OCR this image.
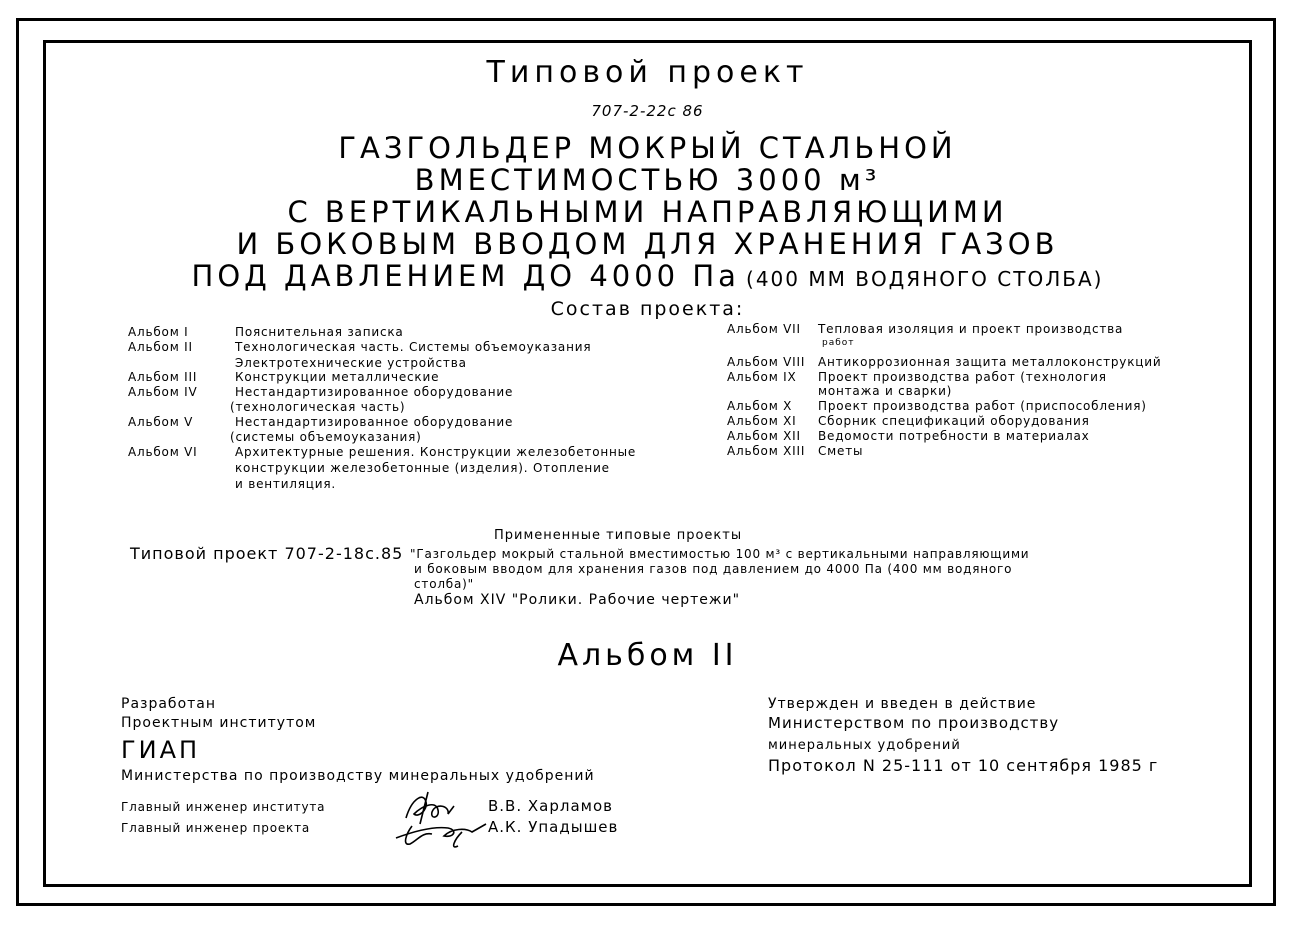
Типовой проект
707-2-22с 86
ГАЗГОЛЬДЕР МОКРЫЙ СТАЛЬНОЙ
ВМЕСТИМОСТЬЮ 3000 м³
С ВЕРТИКАЛЬНЫМИ НАПРАВЛЯЮЩИМИ
И БОКОВЫМ ВВОДОМ ДЛЯ ХРАНЕНИЯ ГАЗОВ
ПОД ДАВЛЕНИЕМ ДО 4000 Па (400 ММ ВОДЯНОГО СТОЛБА)
Состав проекта:
Альбом I	Пояснительная записка
Альбом II	Технологическая часть. Системы объемоуказания
Электротехнические устройства
Альбом III	Конструкции металлические
Альбом IV	Нестандартизированное оборудование
(технологическая часть)
Альбом V	Нестандартизированное оборудование
(системы объемоуказания)
Альбом VI	Архитектурные решения. Конструкции железобетонные
конструкции железобетонные (изделия). Отопление
и вентиляция.
Альбом VII Тепловая изоляция и проект производства
работ
Альбом VIII Антикоррозионная защита металлоконструкций
Альбом IX Проект производства работ (технология
монтажа и сварки)
Альбом X Проект производства работ (приспособления)
Альбом XI Сборник спецификаций оборудования
Альбом XII Ведомости потребности в материалах
Альбом XIII Сметы
Примененные типовые проекты
Типовой проект 707-2-18с.85 "Газгольдер мокрый стальной вместимостью 100 м³ с вертикальными направляющими
и боковым вводом для хранения газов под давлением до 4000 Па (400 мм водяного
столба)"
Альбом XIV "Ролики. Рабочие чертежи"
Альбом II
Разработан
Проектным институтом
ГИАП
Министерства по производству минеральных удобрений
Главный инженер института	В.В. Харламов
Главный инженер проекта	А.К. Упадышев
Утвержден и введен в действие
Министерством по производству
минеральных удобрений
Протокол N 25-111 от 10 сентября 1985 г
